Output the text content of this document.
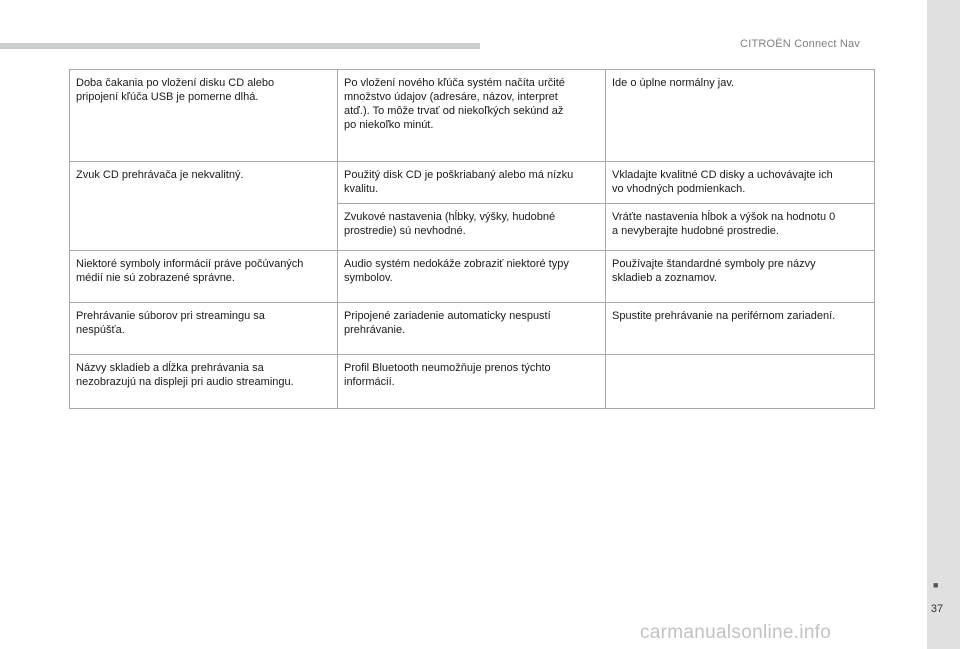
CITROËN Connect Nav
Doba čakania po vložení disku CD alebo
pripojení kľúča USB je pomerne dlhá.	Po vložení nového kľúča systém načíta určité
množstvo údajov (adresáre, názov, interpret
atď.). To môže trvať od niekoľkých sekúnd až
po niekoľko minút.	Ide o úplne normálny jav.
Zvuk CD prehrávača je nekvalitný.	Použitý disk CD je poškriabaný alebo má nízku
kvalitu.	Vkladajte kvalitné CD disky a uchovávajte ich
vo vhodných podmienkach.
	Zvukové nastavenia (hĺbky, výšky, hudobné
prostredie) sú nevhodné.	Vráťte nastavenia hĺbok a výšok na hodnotu 0
a nevyberajte hudobné prostredie.
Niektoré symboly informácií práve počúvaných
médií nie sú zobrazené správne.	Audio systém nedokáže zobraziť niektoré typy
symbolov.	Používajte štandardné symboly pre názvy
skladieb a zoznamov.
Prehrávanie súborov pri streamingu sa
nespúšťa.	Pripojené zariadenie automaticky nespustí
prehrávanie.	Spustite prehrávanie na periférnom zariadení.
Názvy skladieb a dĺžka prehrávania sa
nezobrazujú na displeji pri audio streamingu.	Profil Bluetooth neumožňuje prenos týchto
informácií.	
■
37
carmanualsonline.info
